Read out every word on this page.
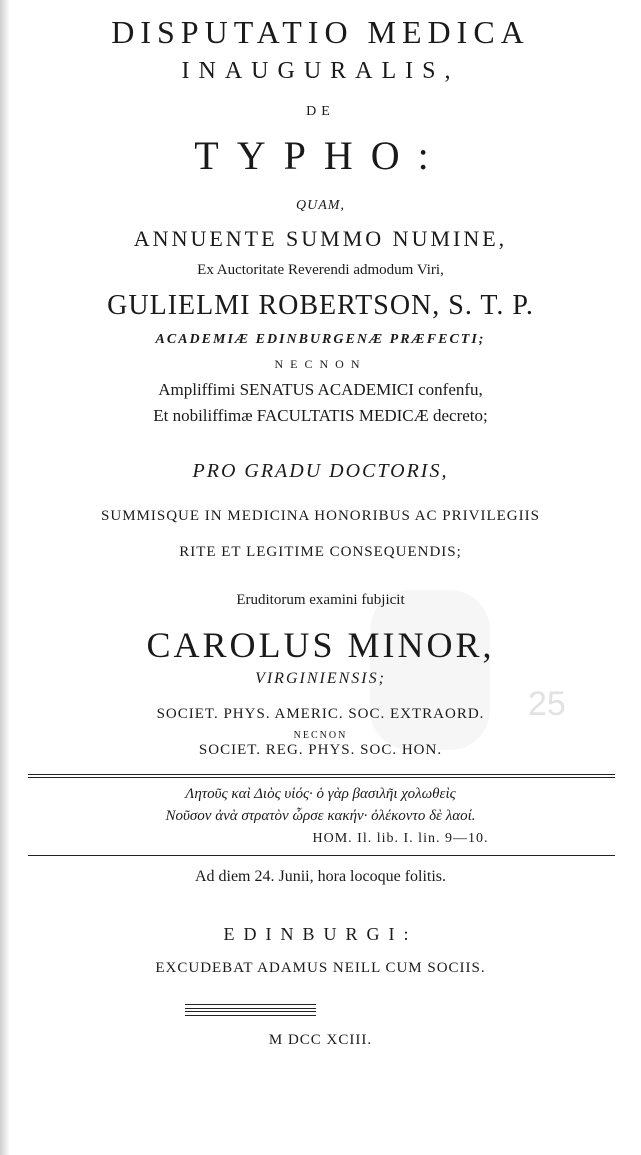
25
DISPUTATIO MEDICA
INAUGURALIS,
DE
TYPHO:
QUAM,
ANNUENTE SUMMO NUMINE,
Ex Auctoritate Reverendi admodum Viri,
GULIELMI ROBERTSON, S. T. P.
ACADEMIÆ EDINBURGENÆ PRÆFECTI;
NECNON
Ampliffimi SENATUS ACADEMICI confenfu,
Et nobiliffimæ FACULTATIS MEDICÆ decreto;
PRO GRADU DOCTORIS,
SUMMISQUE IN MEDICINA HONORIBUS AC PRIVILEGIIS
RITE ET LEGITIME CONSEQUENDIS;
Eruditorum examini fubjicit
CAROLUS MINOR,
VIRGINIENSIS;
SOCIET. PHYS. AMERIC. SOC. EXTRAORD.
NECNON
SOCIET. REG. PHYS. SOC. HON.
Λητοῦς καὶ Διὸς υἱός· ὁ γὰρ βασιλῆι χολωθεὶς
Νοῦσον ἀνὰ στρατὸν ὦρσε κακήν· ὀλέκοντο δὲ λαοί.
HOM. Il. lib. I. lin. 9—10.
Ad diem 24. Junii, hora locoque folitis.
EDINBURGI:
EXCUDEBAT ADAMUS NEILL CUM SOCIIS.
M DCC XCIII.
